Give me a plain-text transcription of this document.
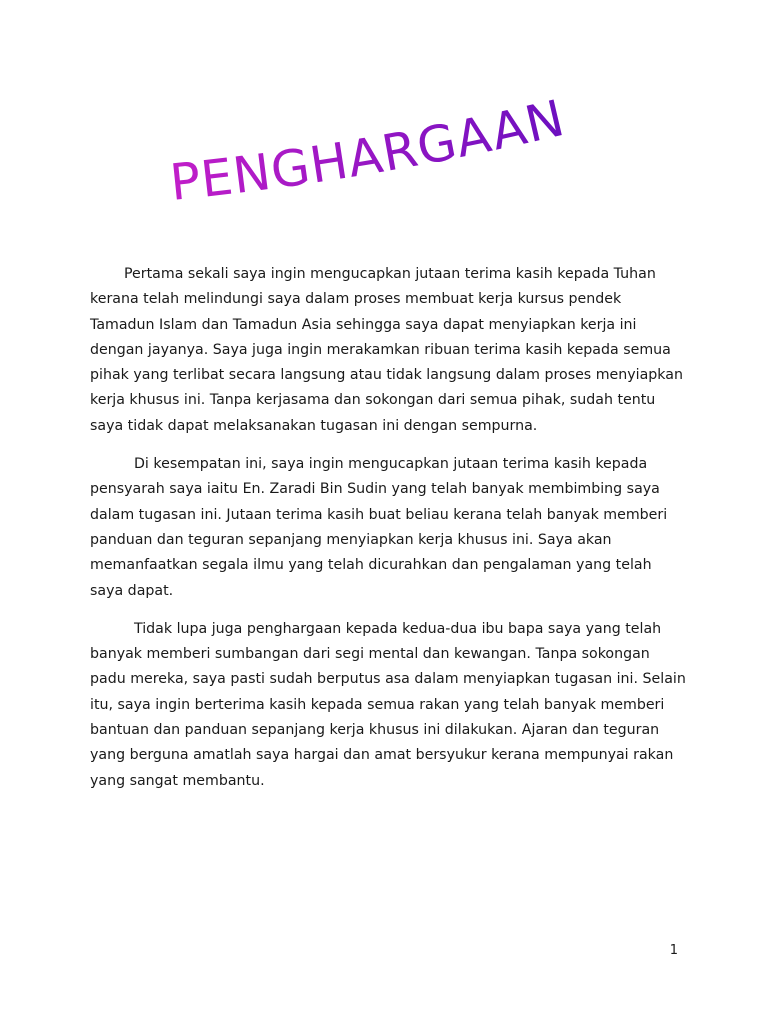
PENGHARGAAN

Pertama sekali saya ingin mengucapkan jutaan terima kasih kepada Tuhan kerana telah melindungi saya dalam proses membuat kerja kursus pendek Tamadun Islam dan Tamadun Asia sehingga saya dapat menyiapkan kerja ini dengan jayanya. Saya juga ingin merakamkan ribuan terima kasih kepada semua pihak yang terlibat secara langsung atau tidak langsung dalam proses menyiapkan kerja khusus ini. Tanpa kerjasama dan sokongan dari semua pihak, sudah tentu saya tidak dapat melaksanakan tugasan ini dengan sempurna.

Di kesempatan ini, saya ingin mengucapkan jutaan terima kasih kepada pensyarah saya iaitu En. Zaradi Bin Sudin yang telah banyak membimbing saya dalam tugasan ini. Jutaan terima kasih buat beliau kerana telah banyak memberi panduan dan teguran sepanjang menyiapkan kerja khusus ini. Saya akan memanfaatkan segala ilmu yang telah dicurahkan dan pengalaman yang telah saya dapat.

Tidak lupa juga penghargaan kepada kedua-dua ibu bapa saya yang telah banyak memberi sumbangan dari segi mental dan kewangan. Tanpa sokongan padu mereka, saya pasti sudah berputus asa dalam menyiapkan tugasan ini. Selain itu, saya ingin berterima kasih kepada semua rakan yang telah banyak memberi bantuan dan panduan sepanjang kerja khusus ini dilakukan. Ajaran dan teguran yang berguna amatlah saya hargai dan amat bersyukur kerana mempunyai rakan yang sangat membantu.

1
